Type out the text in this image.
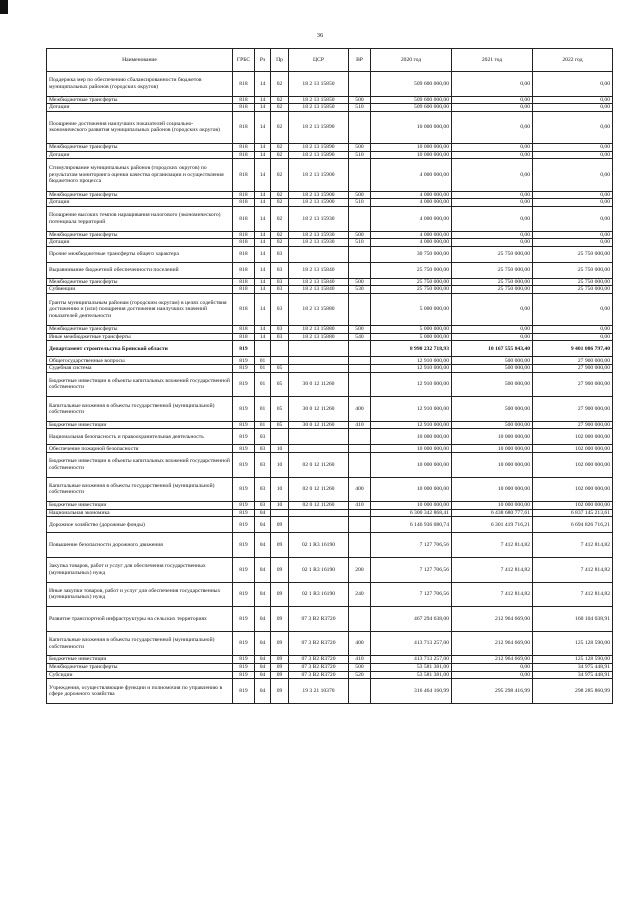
36
Наименование	ГРБС	Рз	Пр	ЦСР	ВР	2020 год	2021 год	2022 год
Поддержка мер по обеспечению сбалансированности бюджетов муниципальных районов (городских округов)	818	14	02	18 2 13 15850		509 600 000,00	0,00	0,00
Межбюджетные трансферты	818	14	02	18 2 13 15850	500	509 600 000,00	0,00	0,00
Дотации	818	14	02	18 2 13 15850	510	509 600 000,00	0,00	0,00
Поощрение достижения наилучших показателей социально-экономического развития муниципальных районов (городских округов)	818	14	02	18 2 13 15890		10 000 000,00	0,00	0,00
Межбюджетные трансферты	818	14	02	18 2 13 15890	500	10 000 000,00	0,00	0,00
Дотации	818	14	02	18 2 13 15890	510	10 000 000,00	0,00	0,00
Стимулирование муниципальных районов (городских округов) по результатам мониторинга оценки качества организации и осуществления бюджетного процесса	818	14	02	18 2 13 15900		4 000 000,00	0,00	0,00
Межбюджетные трансферты	818	14	02	18 2 13 15900	500	4 000 000,00	0,00	0,00
Дотации	818	14	02	18 2 13 15900	510	4 000 000,00	0,00	0,00
Поощрение высоких темпов наращивания налогового (экономического) потенциала территорий	818	14	02	18 2 13 15930		4 000 000,00	0,00	0,00
Межбюджетные трансферты	818	14	02	18 2 13 15930	500	4 000 000,00	0,00	0,00
Дотации	818	14	02	18 2 13 15930	510	4 000 000,00	0,00	0,00
Прочие межбюджетные трансферты общего характера	818	14	03			30 750 000,00	25 750 000,00	25 750 000,00
Выравнивание бюджетной обеспеченности поселений	818	14	03	18 2 13 15840		25 750 000,00	25 750 000,00	25 750 000,00
Межбюджетные трансферты	818	14	03	18 2 13 15840	500	25 750 000,00	25 750 000,00	25 750 000,00
Субвенции	818	14	03	18 2 13 15840	530	25 750 000,00	25 750 000,00	25 750 000,00
Гранты муниципальным районам (городским округам) в целях содействия достижению и (или) поощрения достижения наилучших значений показателей деятельности	818	14	03	18 2 13 15880		5 000 000,00	0,00	0,00
Межбюджетные трансферты	818	14	03	18 2 13 15880	500	5 000 000,00	0,00	0,00
Иные межбюджетные трансферты	818	14	03	18 2 13 15880	540	5 000 000,00	0,00	0,00
Департамент строительства Брянской области	819					8 990 232 718,93	10 167 555 843,40	9 401 086 797,40
Общегосударственные вопросы	819	01				12 910 000,00	500 000,00	27 900 000,00
Судебная система	819	01	05			12 910 000,00	500 000,00	27 900 000,00
Бюджетные инвестиции в объекты капитальных вложений государственной собственности	819	01	05	30 0 12 11260		12 910 000,00	500 000,00	27 900 000,00
Капитальные вложения в объекты государственной (муниципальной) собственности	819	01	05	30 0 12 11260	400	12 910 000,00	500 000,00	27 900 000,00
Бюджетные инвестиции	819	01	05	30 0 12 11260	410	12 910 000,00	500 000,00	27 900 000,00
Национальная безопасность и правоохранительная деятельность	819	03				10 000 000,00	10 000 000,00	102 000 000,00
Обеспечение пожарной безопасности	819	03	10			10 000 000,00	10 000 000,00	102 000 000,00
Бюджетные инвестиции в объекты капитальных вложений государственной собственности	819	03	10	02 0 12 11260		10 000 000,00	10 000 000,00	102 000 000,00
Капитальные вложения в объекты государственной (муниципальной) собственности	819	03	10	02 0 12 11260	400	10 000 000,00	10 000 000,00	102 000 000,00
Бюджетные инвестиции	819	03	10	02 0 12 11260	410	10 000 000,00	10 000 000,00	102 000 000,00
Национальная экономика	819	04				6 300 342 868,41	6 438 680 777,61	6 837 145 213,61
Дорожное хозяйство (дорожные фонды)	819	04	09			6 146 936 080,74	6 301 419 716,21	6 694 826 716,21
Повышение безопасности дорожного движения	819	04	09	02 1 R3 16190		7 127 706,56	7 412 814,82	7 412 814,82
Закупка товаров, работ и услуг для обеспечения государственных (муниципальных) нужд	819	04	09	02 1 R3 16190	200	7 127 706,56	7 412 814,82	7 412 814,82
Иные закупки товаров, работ и услуг для обеспечения государственных (муниципальных) нужд	819	04	09	02 1 R3 16190	240	7 127 706,56	7 412 814,82	7 412 814,82
Развитие транспортной инфраструктуры на сельских территориях	819	04	09	07 3 B2 R3720		467 294 638,00	212 964 669,00	160 104 038,91
Капитальные вложения в объекты государственной (муниципальной) собственности	819	04	09	07 3 B2 R3720	400	413 713 257,00	212 964 669,00	125 128 590,00
Бюджетные инвестиции	819	04	09	07 3 B2 R3720	410	413 713 257,00	212 964 669,00	125 128 590,00
Межбюджетные трансферты	819	04	09	07 3 B2 R3720	500	53 581 381,00	0,00	34 975 448,91
Субсидии	819	04	09	07 3 B2 R3720	520	53 581 381,00	0,00	34 975 448,91
Учреждения, осуществляющие функции и полномочия по управлению в сфере дорожного хозяйства	819	04	09	19 3 21 10370		316 464 160,99	295 298 416,99	298 285 860,99
